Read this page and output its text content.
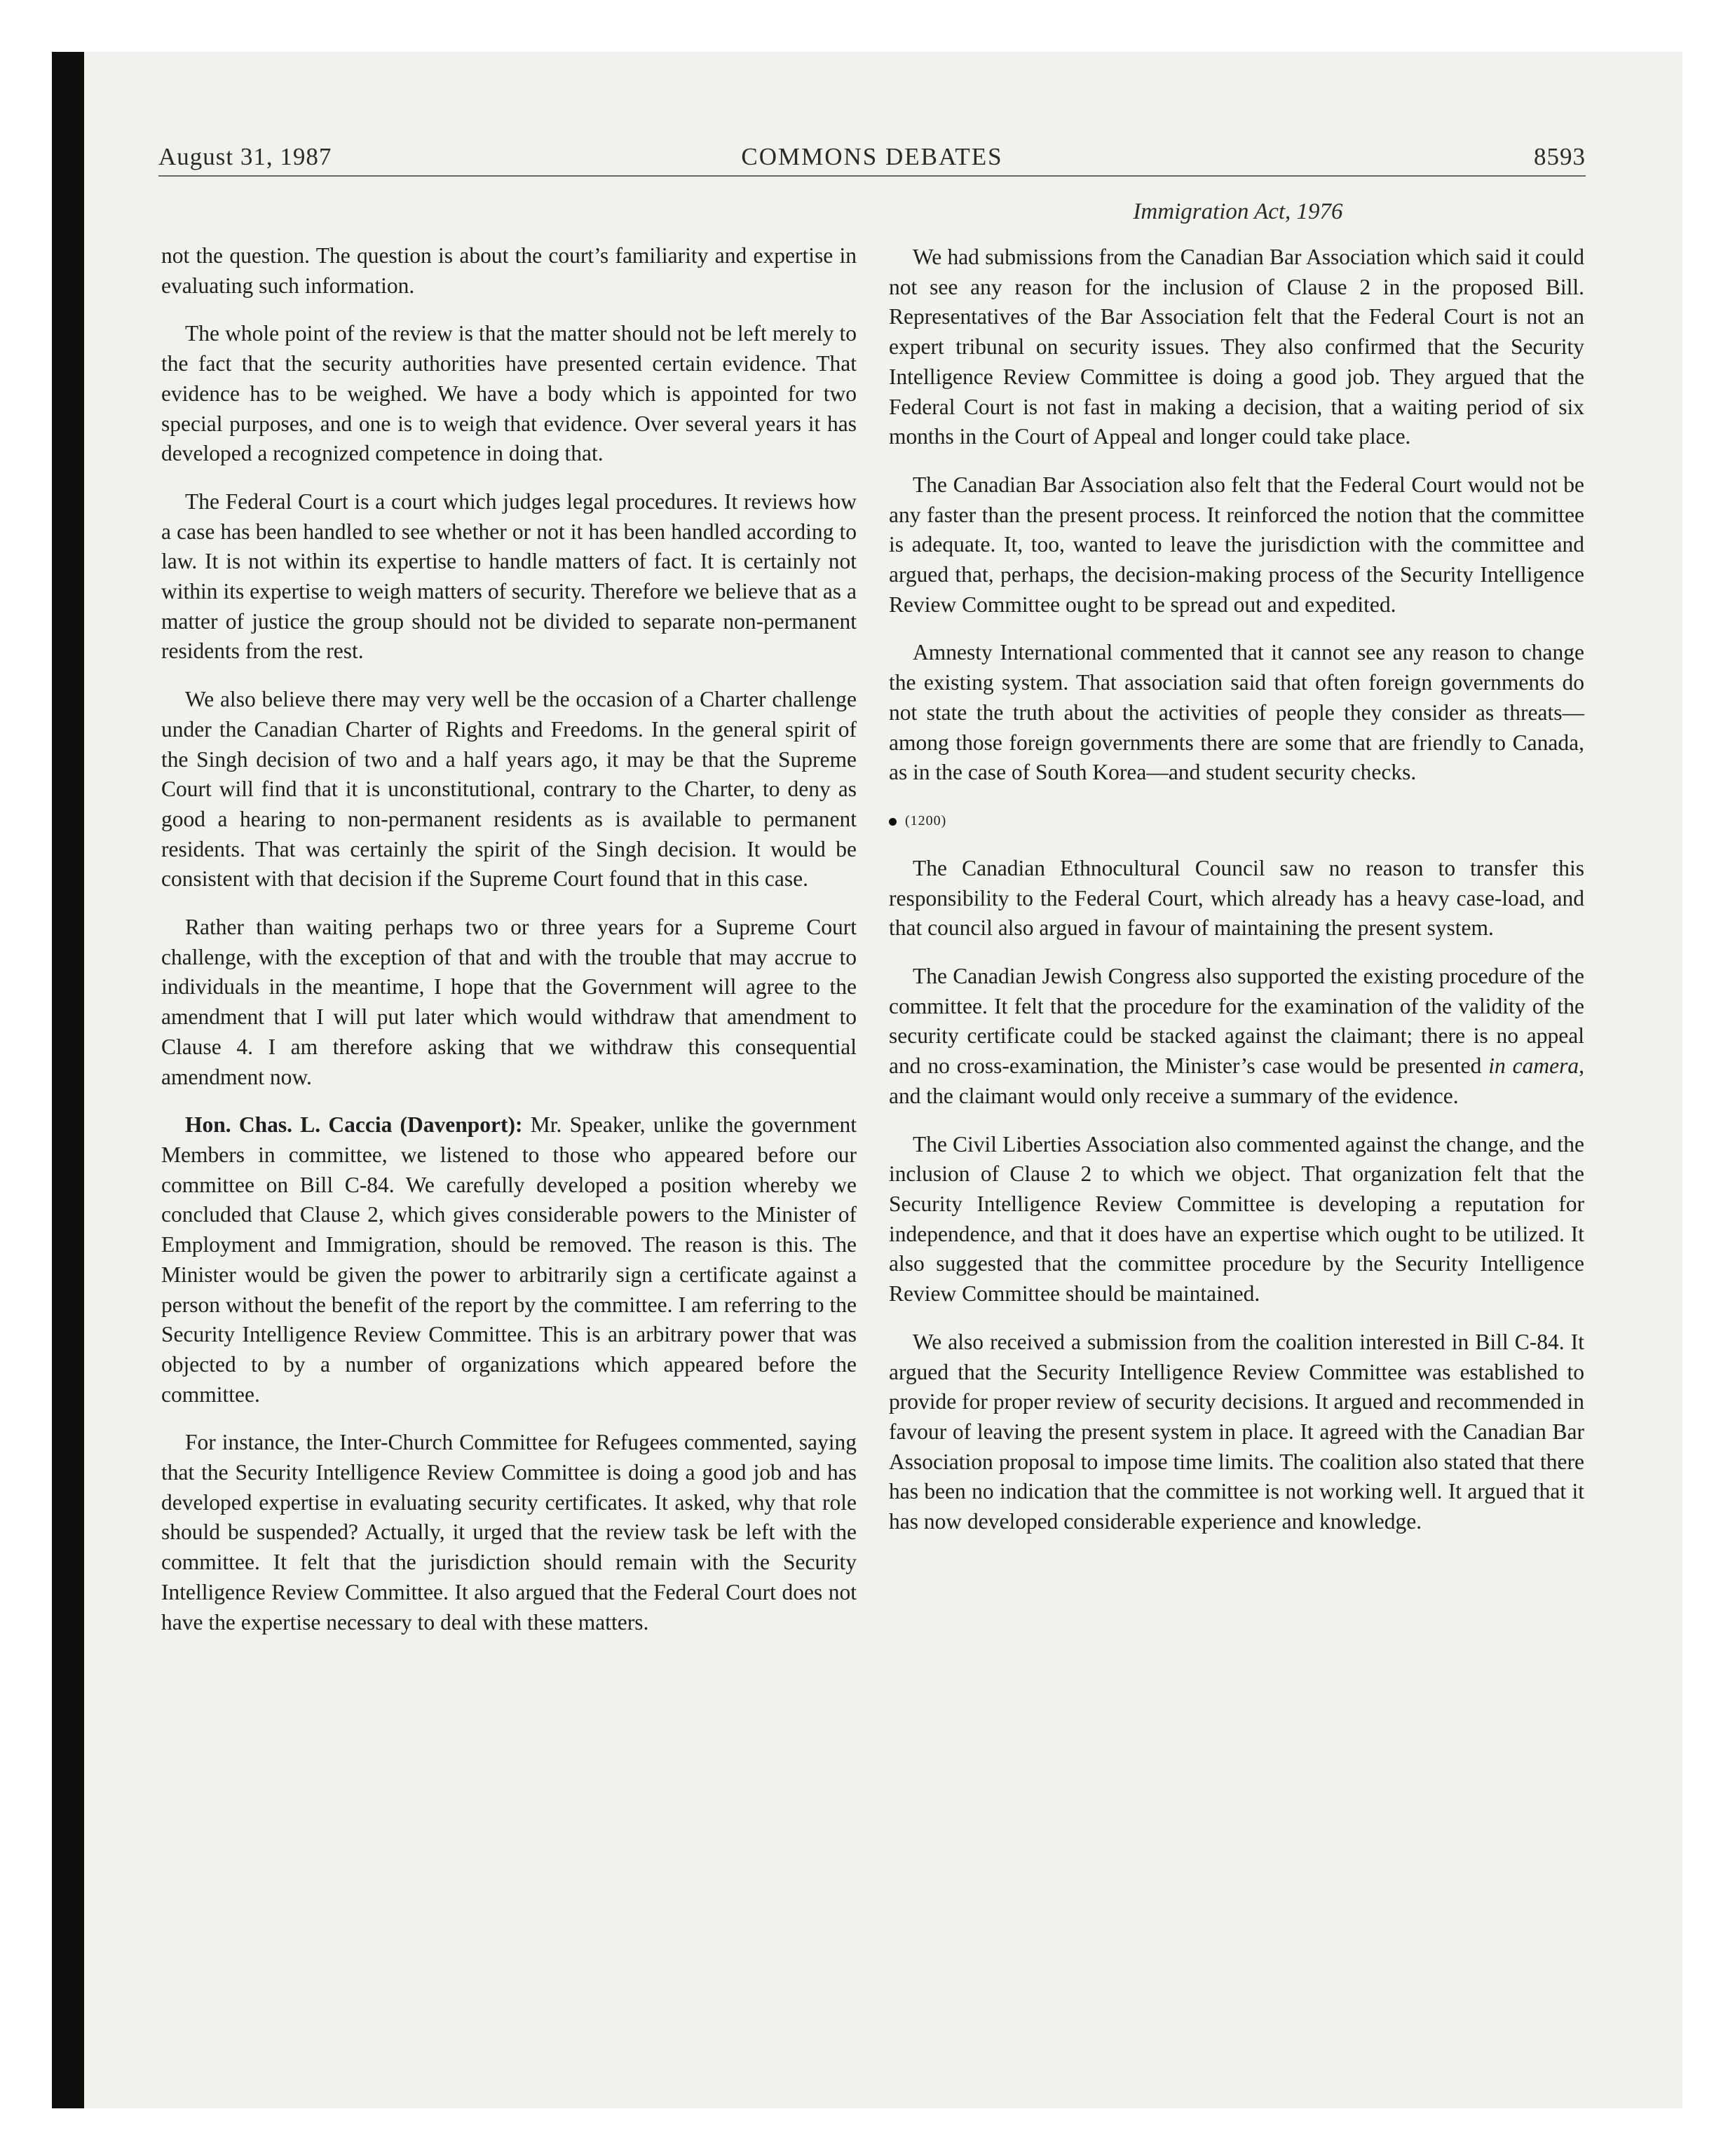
August 31, 1987	COMMONS DEBATES	8593
Immigration Act, 1976

not the question. The question is about the court’s familiarity and expertise in evaluating such information.

The whole point of the review is that the matter should not be left merely to the fact that the security authorities have presented certain evidence. That evidence has to be weighed. We have a body which is appointed for two special purposes, and one is to weigh that evidence. Over several years it has developed a recognized competence in doing that.

The Federal Court is a court which judges legal procedures. It reviews how a case has been handled to see whether or not it has been handled according to law. It is not within its expertise to handle matters of fact. It is certainly not within its expertise to weigh matters of security. Therefore we believe that as a matter of justice the group should not be divided to separate non-permanent residents from the rest.

We also believe there may very well be the occasion of a Charter challenge under the Canadian Charter of Rights and Freedoms. In the general spirit of the Singh decision of two and a half years ago, it may be that the Supreme Court will find that it is unconstitutional, contrary to the Charter, to deny as good a hearing to non-permanent residents as is available to permanent residents. That was certainly the spirit of the Singh decision. It would be consistent with that decision if the Supreme Court found that in this case.

Rather than waiting perhaps two or three years for a Supreme Court challenge, with the exception of that and with the trouble that may accrue to individuals in the meantime, I hope that the Government will agree to the amendment that I will put later which would withdraw that amendment to Clause 4. I am therefore asking that we withdraw this consequential amendment now.

Hon. Chas. L. Caccia (Davenport): Mr. Speaker, unlike the government Members in committee, we listened to those who appeared before our committee on Bill C-84. We carefully developed a position whereby we concluded that Clause 2, which gives considerable powers to the Minister of Employment and Immigration, should be removed. The reason is this. The Minister would be given the power to arbitrarily sign a certificate against a person without the benefit of the report by the committee. I am referring to the Security Intelligence Review Committee. This is an arbitrary power that was objected to by a number of organizations which appeared before the committee.

For instance, the Inter-Church Committee for Refugees commented, saying that the Security Intelligence Review Committee is doing a good job and has developed expertise in evaluating security certificates. It asked, why that role should be suspended? Actually, it urged that the review task be left with the committee. It felt that the jurisdiction should remain with the Security Intelligence Review Committee. It also argued that the Federal Court does not have the expertise necessary to deal with these matters.

We had submissions from the Canadian Bar Association which said it could not see any reason for the inclusion of Clause 2 in the proposed Bill. Representatives of the Bar Association felt that the Federal Court is not an expert tribunal on security issues. They also confirmed that the Security Intelligence Review Committee is doing a good job. They argued that the Federal Court is not fast in making a decision, that a waiting period of six months in the Court of Appeal and longer could take place.

The Canadian Bar Association also felt that the Federal Court would not be any faster than the present process. It reinforced the notion that the committee is adequate. It, too, wanted to leave the jurisdiction with the committee and argued that, perhaps, the decision-making process of the Security Intelligence Review Committee ought to be spread out and expedited.

Amnesty International commented that it cannot see any reason to change the existing system. That association said that often foreign governments do not state the truth about the activities of people they consider as threats—among those foreign governments there are some that are friendly to Canada, as in the case of South Korea—and student security checks.

(1200)

The Canadian Ethnocultural Council saw no reason to transfer this responsibility to the Federal Court, which already has a heavy case-load, and that council also argued in favour of maintaining the present system.

The Canadian Jewish Congress also supported the existing procedure of the committee. It felt that the procedure for the examination of the validity of the security certificate could be stacked against the claimant; there is no appeal and no cross-examination, the Minister’s case would be presented in camera, and the claimant would only receive a summary of the evidence.

The Civil Liberties Association also commented against the change, and the inclusion of Clause 2 to which we object. That organization felt that the Security Intelligence Review Committee is developing a reputation for independence, and that it does have an expertise which ought to be utilized. It also suggested that the committee procedure by the Security Intelligence Review Committee should be maintained.

We also received a submission from the coalition interested in Bill C-84. It argued that the Security Intelligence Review Committee was established to provide for proper review of security decisions. It argued and recommended in favour of leaving the present system in place. It agreed with the Canadian Bar Association proposal to impose time limits. The coalition also stated that there has been no indication that the committee is not working well. It argued that it has now developed considerable experience and knowledge.
